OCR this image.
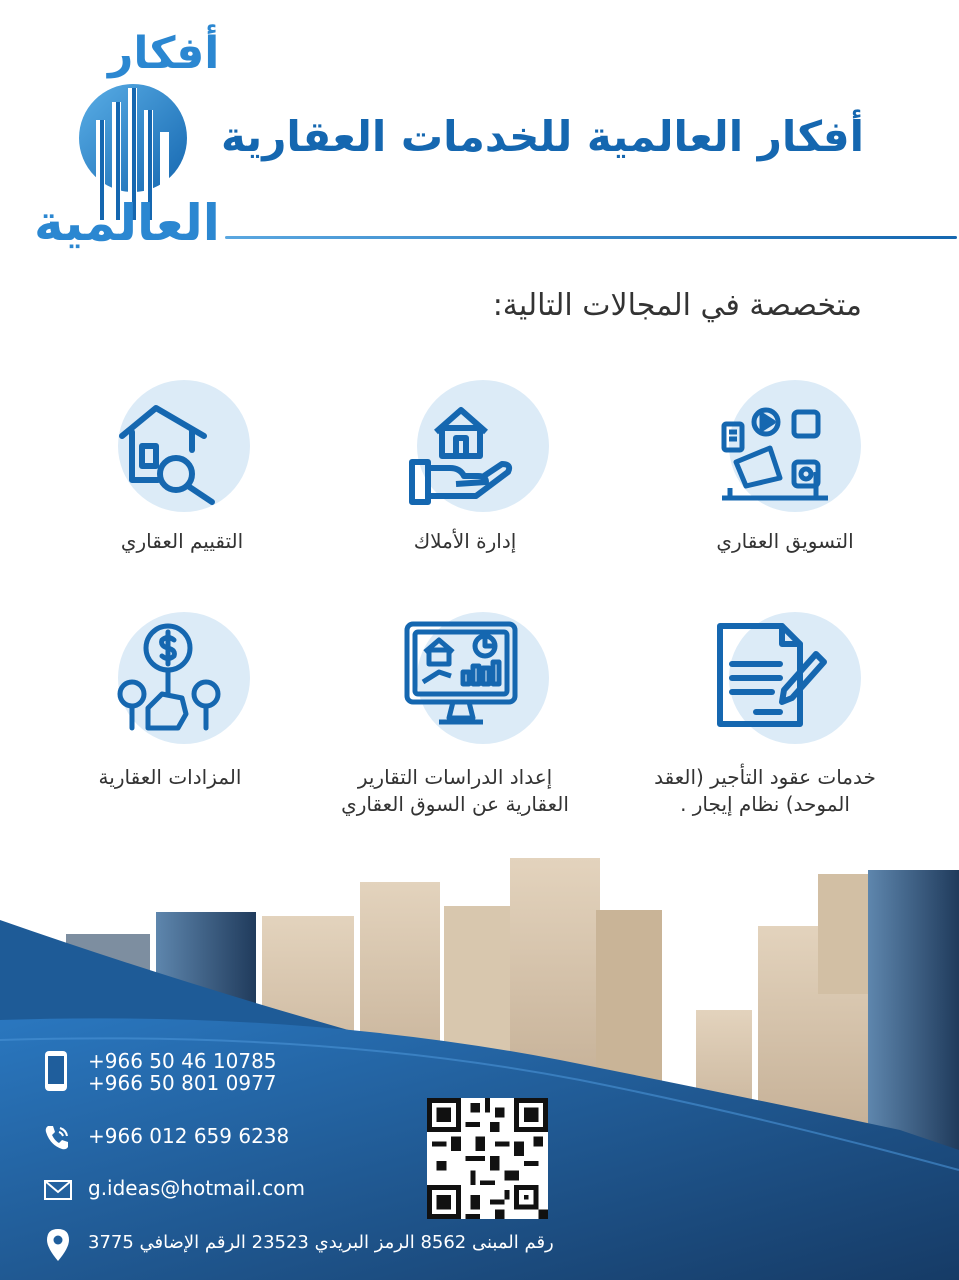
أفكار
العالمية
أفكار العالمية للخدمات العقارية
متخصصة في المجالات التالية:
التسويق العقاري
إدارة الأملاك
التقييم العقاري
خدمات عقود التأجير (العقد الموحد) نظام إيجار .
إعداد الدراسات التقارير العقارية عن السوق العقاري
المزادات العقارية
+966 50 46 10785
+966 50 801 0977
+966 012 659 6238
g.ideas@hotmail.com
رقم المبنى 8562 الرمز البريدي 23523 الرقم الإضافي 3775
